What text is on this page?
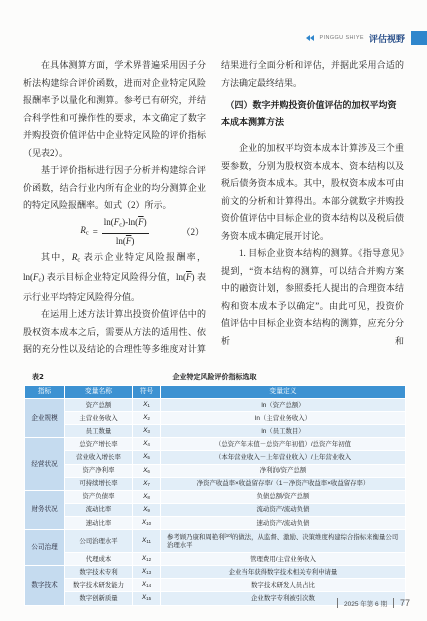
PINGGU SHIYE 评估视野

在具体测算方面，学术界普遍采用因子分析法构建综合评价函数，进而对企业特定风险报酬率予以量化和测算。参考已有研究，并结合科学性和可操作性的要求，本文确定了数字并购投资价值评估中企业特定风险的评价指标（见表2）。

基于评价指标进行因子分析并构建综合评价函数，结合行业内所有企业的均分测算企业的特定风险报酬率。如式（2）所示。

$R_c = \frac{\ln(F_c)-\ln(\overline{F})}{\ln(\overline{F})}$	（2）

其中，$R_c$ 表示企业特定风险报酬率，$\ln(F_c)$ 表示目标企业特定风险得分值，$\ln(\overline{F})$ 表示行业平均特定风险得分值。

在运用上述方法计算出投资价值评估中的股权资本成本之后，需要从方法的适用性、依据的充分性以及结论的合理性等多维度对计算

结果进行全面分析和评估，并据此采用合适的方法确定最终结果。

（四）数字并购投资价值评估的加权平均资本成本测算方法

企业的加权平均资本成本计算涉及三个重要参数，分别为股权资本成本、资本结构以及税后债务资本成本。其中，股权资本成本可由前文的分析和计算得出。本部分就数字并购投资价值评估中目标企业的资本结构以及税后债务资本成本确定展开讨论。

1. 目标企业资本结构的测算。《指导意见》提到，“资本结构的测算，可以结合并购方案中的融资计划，参照委托人提出的合理资本结构和资本成本予以确定”。由此可见，投资价值评估中目标企业资本结构的测算，应充分分析和

表2	企业特定风险评价指标选取
指标	变量名称	符号	变量定义
企业规模	资产总额	$X_1$	ln（资产总额）
	主营业务收入	$X_2$	ln（主营业务收入）
	员工数量	$X_3$	ln（员工数目）
经营状况	总资产增长率	$X_4$	（总资产年末值－总资产年初值）/总资产年初值
	营业收入增长率	$X_5$	（本年营业收入－上年营业收入）/上年营业收入
	资产净利率	$X_6$	净利润/资产总额
	可持续增长率	$X_7$	净资产收益率×收益留存率/（1－净资产收益率×收益留存率）
财务状况	资产负债率	$X_8$	负债总额/资产总额
	流动比率	$X_9$	流动资产/流动负债
	速动比率	$X_{10}$	速动资产/流动负债
公司治理	公司治理水平	$X_{11}$	参考顾乃康和周艳利[10]的做法，从监督、激励、决策维度构建综合指标来衡量公司治理水平
	代理成本	$X_{12}$	管理费用/主营业务收入
数字技术	数字技术专利	$X_{13}$	企业当年获得数字技术相关专利申请量
	数字技术研发能力	$X_{14}$	数字技术研发人员占比
	数字创新质量	$X_{15}$	企业数字专利被引次数
2025 年第 6 期 77
